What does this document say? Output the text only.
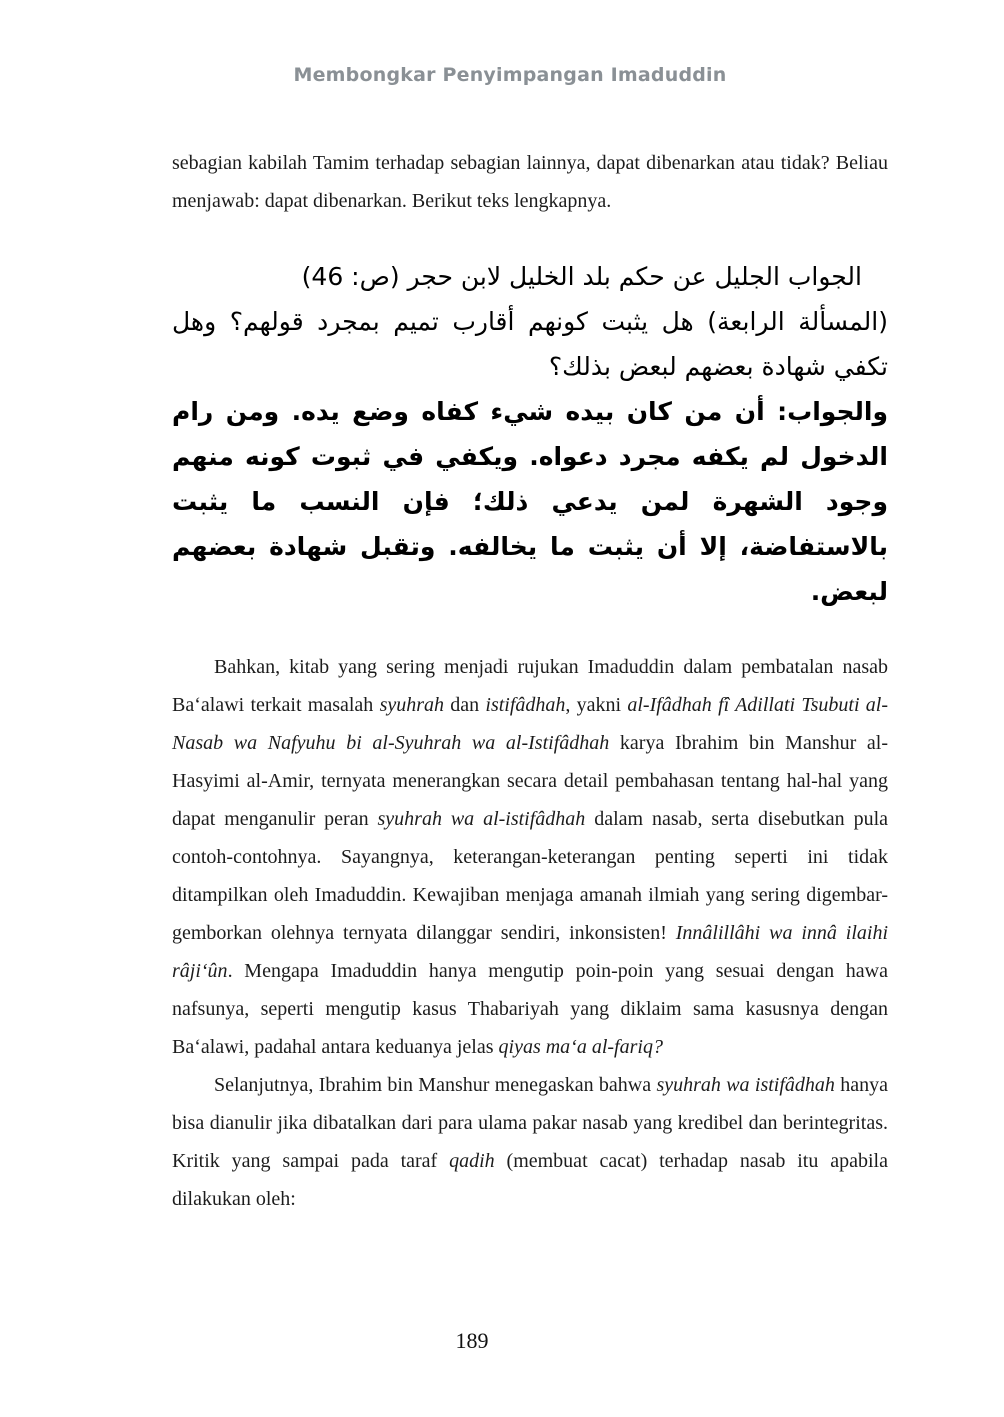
Membongkar Penyimpangan Imaduddin

sebagian kabilah Tamim terhadap sebagian lainnya, dapat dibenarkan atau tidak? Beliau menjawab: dapat dibenarkan. Berikut teks lengkapnya.

الجواب الجليل عن حكم بلد الخليل لابن حجر (ص: 46)

(المسألة الرابعة) هل يثبت كونهم أقارب تميم بمجرد قولهم؟ وهل تكفي شهادة بعضهم لبعض بذلك؟

والجواب: أن من كان بيده شيء كفاه وضع يده. ومن رام الدخول لم يكفه مجرد دعواه. ويكفي في ثبوت كونه منهم وجود الشهرة لمن يدعي ذلك؛ فإن النسب ما يثبت بالاستفاضة، إلا أن يثبت ما يخالفه. وتقبل شهادة بعضهم لبعض.

Bahkan, kitab yang sering menjadi rujukan Imaduddin dalam pembatalan nasab Ba‘alawi terkait masalah syuhrah dan istifâdhah, yakni al-Ifâdhah fî Adillati Tsubuti al-Nasab wa Nafyuhu bi al-Syuhrah wa al-Istifâdhah karya Ibrahim bin Manshur al-Hasyimi al-Amir, ternyata menerangkan secara detail pembahasan tentang hal-hal yang dapat menganulir peran syuhrah wa al-istifâdhah dalam nasab, serta disebutkan pula contoh-contohnya. Sayangnya, keterangan-keterangan penting seperti ini tidak ditampilkan oleh Imaduddin. Kewajiban menjaga amanah ilmiah yang sering digembar-gemborkan olehnya ternyata dilanggar sendiri, inkonsisten! Innâlillâhi wa innâ ilaihi râji‘ûn. Mengapa Imaduddin hanya mengutip poin-poin yang sesuai dengan hawa nafsunya, seperti mengutip kasus Thabariyah yang diklaim sama kasusnya dengan Ba‘alawi, padahal antara keduanya jelas qiyas ma‘a al-fariq?

Selanjutnya, Ibrahim bin Manshur menegaskan bahwa syuhrah wa istifâdhah hanya bisa dianulir jika dibatalkan dari para ulama pakar nasab yang kredibel dan berintegritas. Kritik yang sampai pada taraf qadih (membuat cacat) terhadap nasab itu apabila dilakukan oleh:

189
